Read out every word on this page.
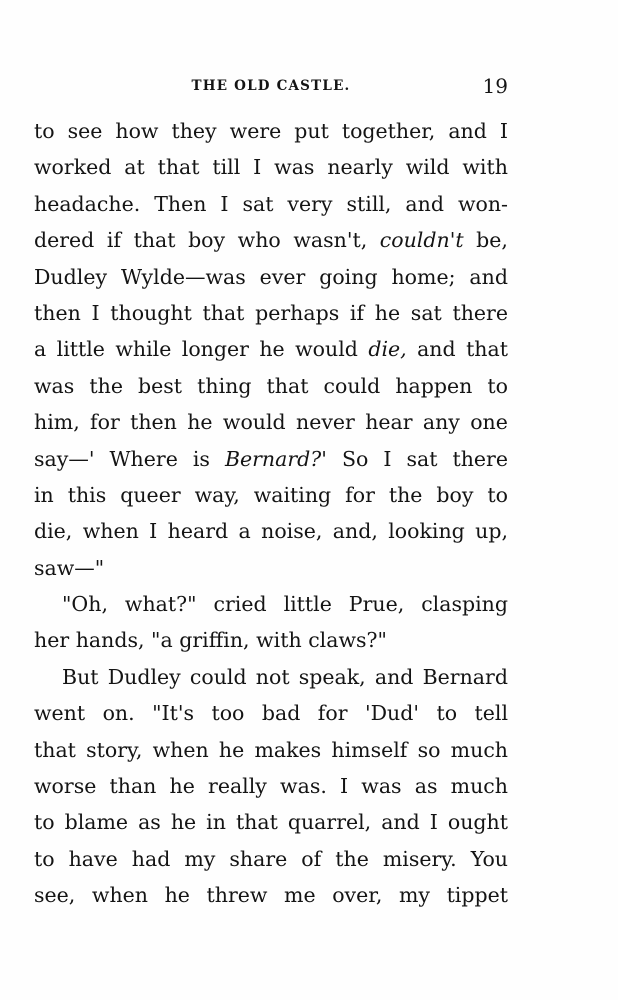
THE OLD CASTLE.	19
to see how they were put together, and I
worked at that till I was nearly wild with
headache. Then I sat very still, and won-
dered if that boy who wasn't, couldn't be,
Dudley Wylde—was ever going home; and
then I thought that perhaps if he sat there
a little while longer he would die, and that
was the best thing that could happen to
him, for then he would never hear any one
say—' Where is Bernard?' So I sat there
in this queer way, waiting for the boy to
die, when I heard a noise, and, looking up,
saw—"
"Oh, what?" cried little Prue, clasping
her hands, "a griffin, with claws?"
But Dudley could not speak, and Bernard
went on. "It's too bad for 'Dud' to tell
that story, when he makes himself so much
worse than he really was. I was as much
to blame as he in that quarrel, and I ought
to have had my share of the misery. You
see, when he threw me over, my tippet
